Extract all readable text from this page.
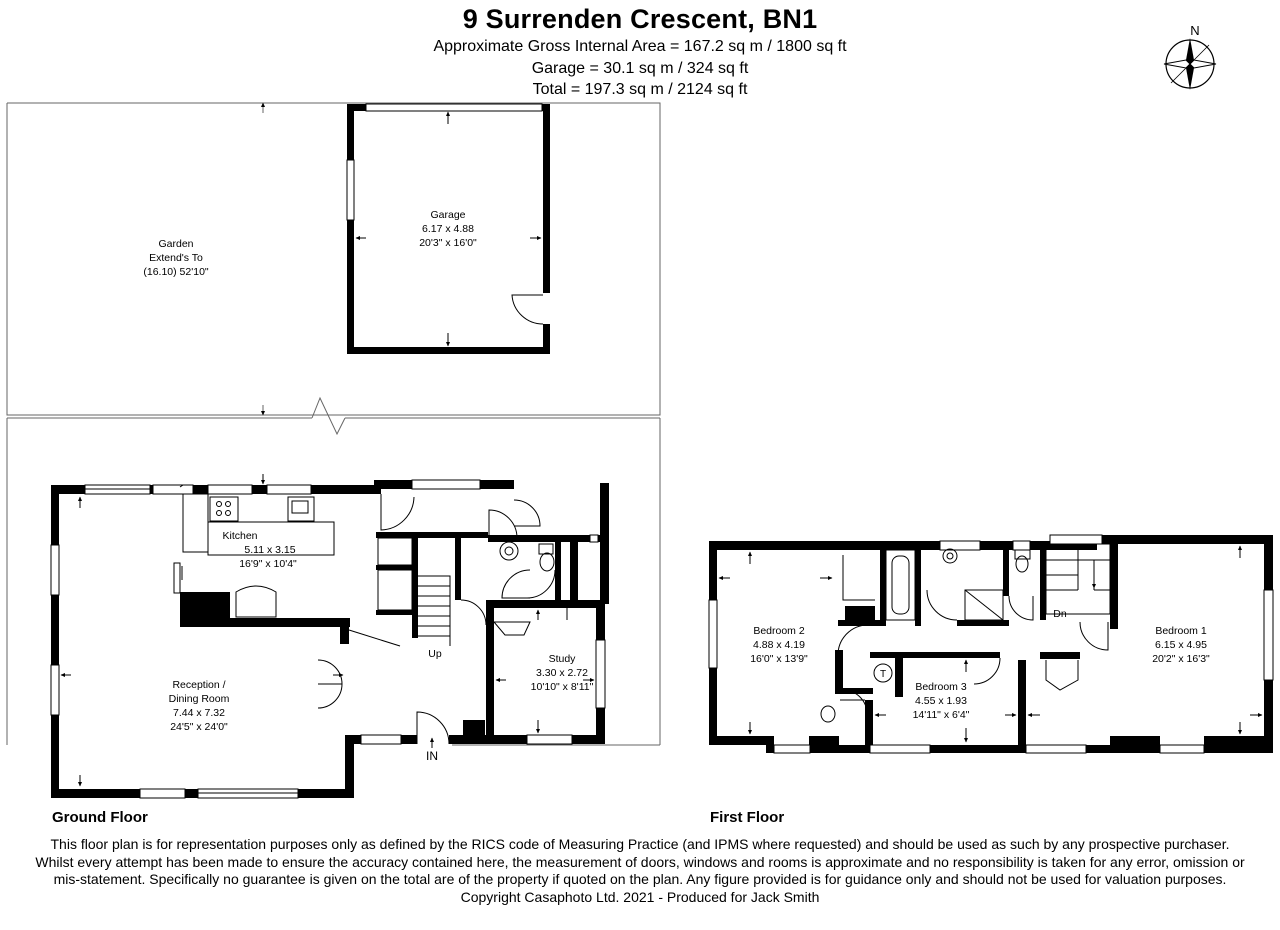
9 Surrenden Crescent, BN1
Approximate Gross Internal Area = 167.2 sq m / 1800 sq ft
Garage = 30.1 sq m / 324 sq ft
Total = 197.3 sq m / 2124 sq ft
N
Garden
Extend's To
(16.10) 52'10"
Garage
6.17 x 4.88
20'3" x 16'0"
Kitchen
5.11 x 3.15
16'9" x 10'4"
Reception /
Dining Room
7.44 x 7.32
24'5" x 24'0"
Study
3.30 x 2.72
10'10" x 8'11"
Bedroom 2
4.88 x 4.19
16'0" x 13'9"
Bedroom 3
4.55 x 1.93
14'11" x 6'4"
Bedroom 1
6.15 x 4.95
20'2" x 16'3"
Up
Dn
IN
T
Ground Floor	First Floor
This floor plan is for representation purposes only as defined by the RICS code of Measuring Practice (and IPMS where requested) and should be used as such by any prospective purchaser. Whilst every attempt has been made to ensure the accuracy contained here, the measurement of doors, windows and rooms is approximate and no responsibility is taken for any error, omission or mis-statement. Specifically no guarantee is given on the total are of the property if quoted on the plan. Any figure provided is for guidance only and should not be used for valuation purposes.
Copyright Casaphoto Ltd. 2021 - Produced for Jack Smith
